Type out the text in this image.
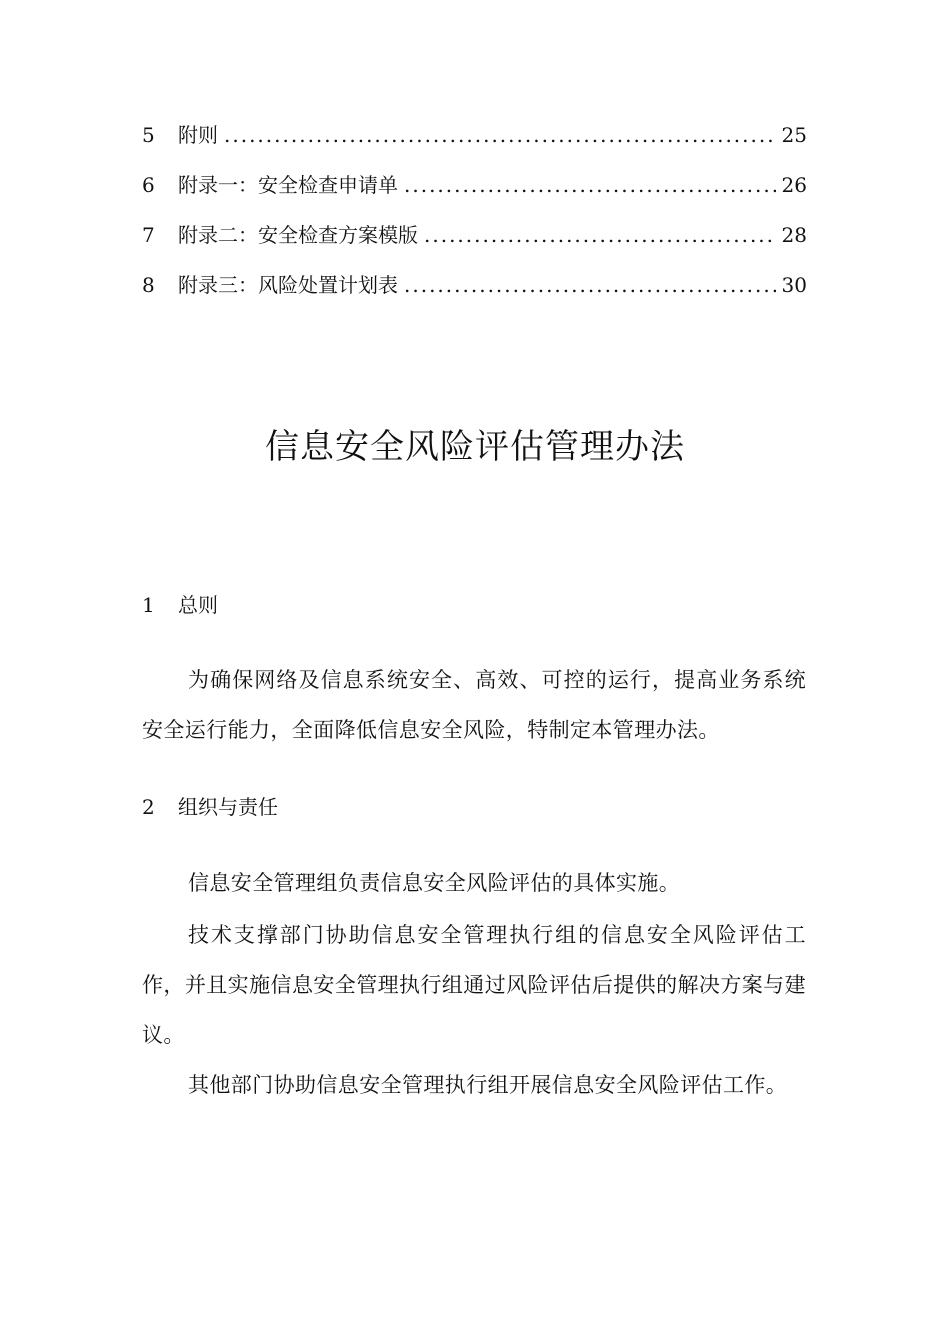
5	附则 .....	25
6	附录一：安全检查申请单 .....	26
7	附录二：安全检查方案模版 .....	28
8	附录三：风险处置计划表 .....	30
信息安全风险评估管理办法
1	总则

为确保网络及信息系统安全、高效、可控的运行，提高业务系统安全运行能力，全面降低信息安全风险，特制定本管理办法。

2	组织与责任

信息安全管理组负责信息安全风险评估的具体实施。

技术支撑部门协助信息安全管理执行组的信息安全风险评估工作，并且实施信息安全管理执行组通过风险评估后提供的解决方案与建议。

其他部门协助信息安全管理执行组开展信息安全风险评估工作。
